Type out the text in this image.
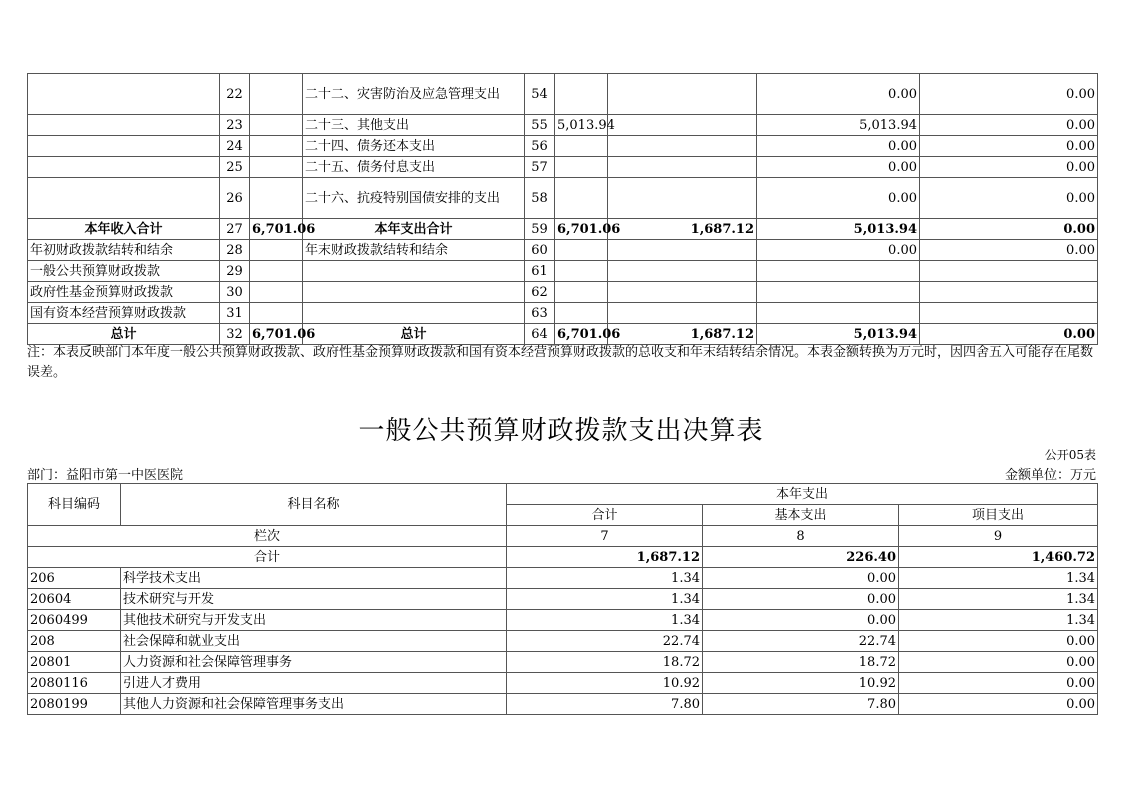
	22		二十二、灾害防治及应急管理支出	54			0.00	0.00
	23		二十三、其他支出	55	5,013.94		5,013.94	0.00
	24		二十四、债务还本支出	56			0.00	0.00
	25		二十五、债务付息支出	57			0.00	0.00
	26		二十六、抗疫特别国债安排的支出	58			0.00	0.00
本年收入合计	27	6,701.06	本年支出合计	59	6,701.06	1,687.12	5,013.94	0.00
年初财政拨款结转和结余	28		年末财政拨款结转和结余	60			0.00	0.00
一般公共预算财政拨款	29			61				
政府性基金预算财政拨款	30			62				
国有资本经营预算财政拨款	31			63				
总计	32	6,701.06	总计	64	6,701.06	1,687.12	5,013.94	0.00
注：本表反映部门本年度一般公共预算财政拨款、政府性基金预算财政拨款和国有资本经营预算财政拨款的总收支和年末结转结余情况。本表金额转换为万元时，因四舍五入可能存在尾数误差。
一般公共预算财政拨款支出决算表
公开05表
部门：益阳市第一中医医院	金额单位：万元
科目编码	科目名称	本年支出		
		合计	基本支出	项目支出
栏次		7	8	9
合计		1,687.12	226.40	1,460.72
206	科学技术支出	1.34	0.00	1.34
20604	技术研究与开发	1.34	0.00	1.34
2060499	其他技术研究与开发支出	1.34	0.00	1.34
208	社会保障和就业支出	22.74	22.74	0.00
20801	人力资源和社会保障管理事务	18.72	18.72	0.00
2080116	引进人才费用	10.92	10.92	0.00
2080199	其他人力资源和社会保障管理事务支出	7.80	7.80	0.00
